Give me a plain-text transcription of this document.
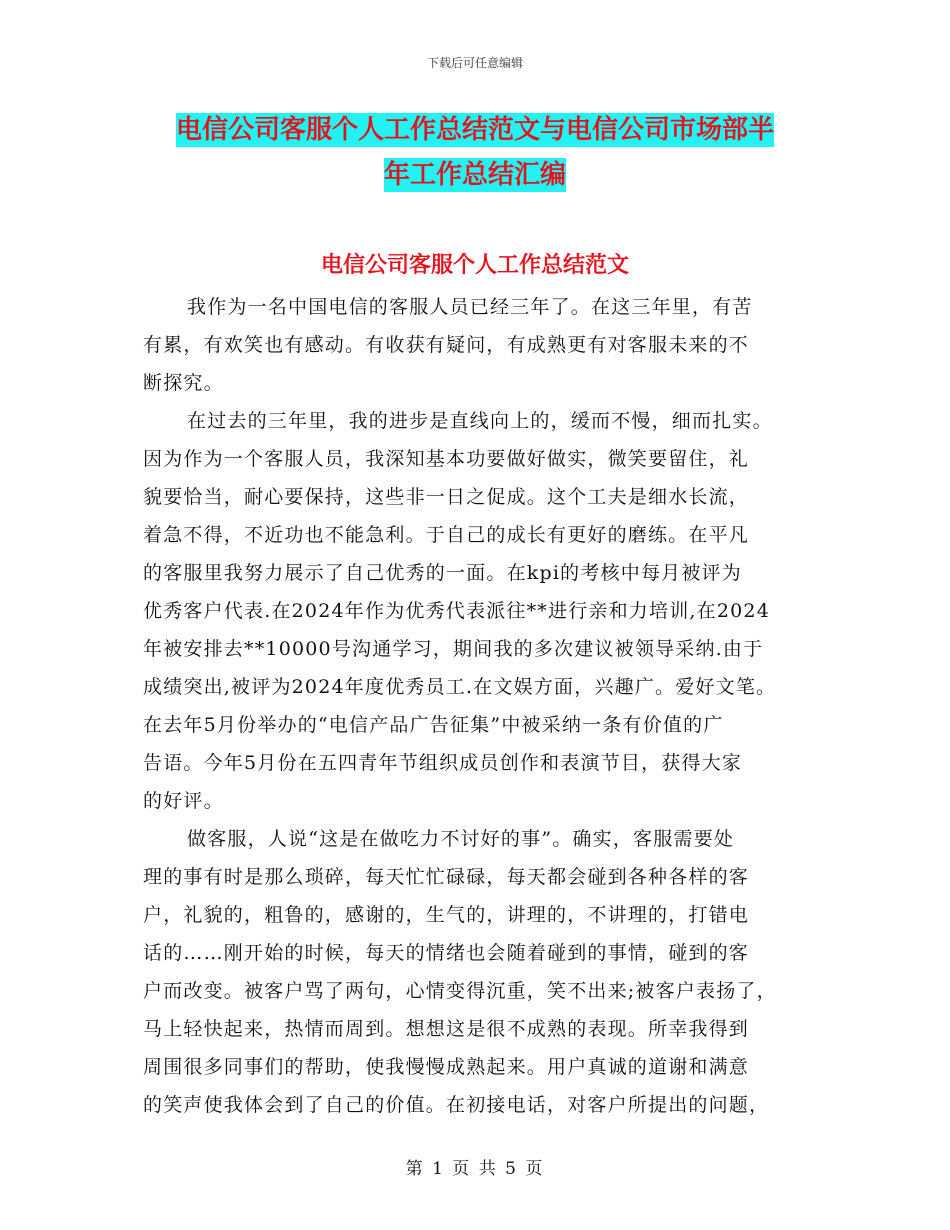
下载后可任意编辑
电信公司客服个人工作总结范文与电信公司市场部半
年工作总结汇编
电信公司客服个人工作总结范文
我作为一名中国电信的客服人员已经三年了。在这三年里，有苦
有累，有欢笑也有感动。有收获有疑问，有成熟更有对客服未来的不
断探究。
在过去的三年里，我的进步是直线向上的，缓而不慢，细而扎实。
因为作为一个客服人员，我深知基本功要做好做实，微笑要留住，礼
貌要恰当，耐心要保持，这些非一日之促成。这个工夫是细水长流，
着急不得，不近功也不能急利。于自己的成长有更好的磨练。在平凡
的客服里我努力展示了自己优秀的一面。在kpi的考核中每月被评为
优秀客户代表.在2024年作为优秀代表派往**进行亲和力培训,在2024
年被安排去**10000号沟通学习，期间我的多次建议被领导采纳.由于
成绩突出,被评为2024年度优秀员工.在文娱方面，兴趣广。爱好文笔。
在去年5月份举办的“电信产品广告征集”中被采纳一条有价值的广
告语。今年5月份在五四青年节组织成员创作和表演节目，获得大家
的好评。
做客服，人说“这是在做吃力不讨好的事”。确实，客服需要处
理的事有时是那么琐碎，每天忙忙碌碌，每天都会碰到各种各样的客
户，礼貌的，粗鲁的，感谢的，生气的，讲理的，不讲理的，打错电
话的……刚开始的时候，每天的情绪也会随着碰到的事情，碰到的客
户而改变。被客户骂了两句，心情变得沉重，笑不出来;被客户表扬了，
马上轻快起来，热情而周到。想想这是很不成熟的表现。所幸我得到
周围很多同事们的帮助，使我慢慢成熟起来。用户真诚的道谢和满意
的笑声使我体会到了自己的价值。在初接电话，对客户所提出的问题，
第 1 页 共 5 页
